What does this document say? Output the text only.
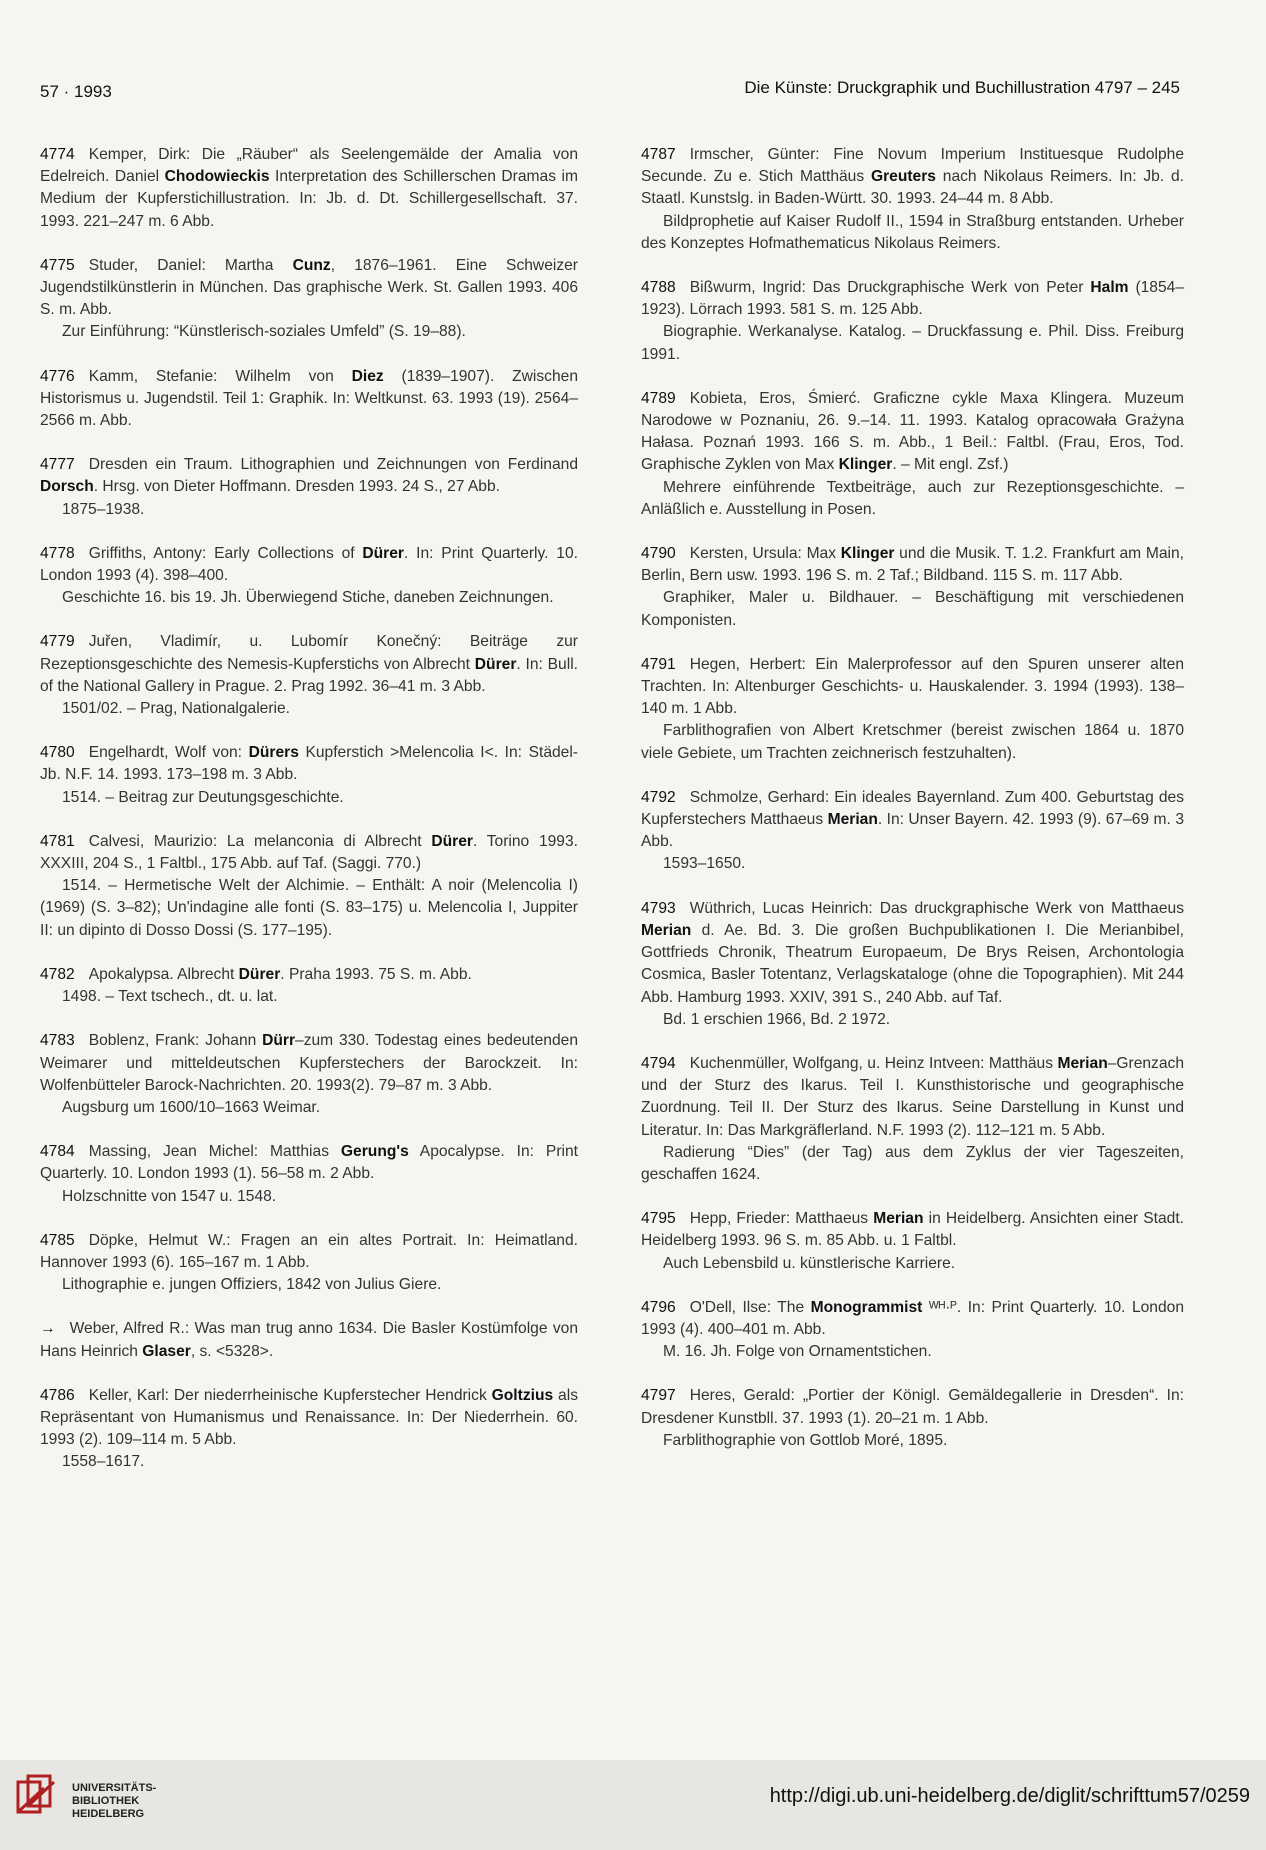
57 · 1993	Die Künste: Druckgraphik und Buchillustration 4797 – 245

4774 Kemper, Dirk: Die „Räuber“ als Seelengemälde der Amalia von Edelreich. Daniel Chodowieckis Interpretation des Schillerschen Dramas im Medium der Kupferstichillustration. In: Jb. d. Dt. Schillergesellschaft. 37. 1993. 221–247 m. 6 Abb.

4775 Studer, Daniel: Martha Cunz, 1876–1961. Eine Schweizer Jugendstilkünstlerin in München. Das graphische Werk. St. Gallen 1993. 406 S. m. Abb.

Zur Einführung: “Künstlerisch-soziales Umfeld” (S. 19–88).

4776 Kamm, Stefanie: Wilhelm von Diez (1839–1907). Zwischen Historismus u. Jugendstil. Teil 1: Graphik. In: Weltkunst. 63. 1993 (19). 2564–2566 m. Abb.

4777 Dresden ein Traum. Lithographien und Zeichnungen von Ferdinand Dorsch. Hrsg. von Dieter Hoffmann. Dresden 1993. 24 S., 27 Abb.

1875–1938.

4778 Griffiths, Antony: Early Collections of Dürer. In: Print Quarterly. 10. London 1993 (4). 398–400.

Geschichte 16. bis 19. Jh. Überwiegend Stiche, daneben Zeichnungen.

4779 Juřen, Vladimír, u. Lubomír Konečný: Beiträge zur Rezeptionsgeschichte des Nemesis-Kupferstichs von Albrecht Dürer. In: Bull. of the National Gallery in Prague. 2. Prag 1992. 36–41 m. 3 Abb.

1501/02. – Prag, Nationalgalerie.

4780 Engelhardt, Wolf von: Dürers Kupferstich >Melencolia I<. In: Städel-Jb. N.F. 14. 1993. 173–198 m. 3 Abb.

1514. – Beitrag zur Deutungsgeschichte.

4781 Calvesi, Maurizio: La melanconia di Albrecht Dürer. Torino 1993. XXXIII, 204 S., 1 Faltbl., 175 Abb. auf Taf. (Saggi. 770.)

1514. – Hermetische Welt der Alchimie. – Enthält: A noir (Melencolia I) (1969) (S. 3–82); Un'indagine alle fonti (S. 83–175) u. Melencolia I, Juppiter II: un dipinto di Dosso Dossi (S. 177–195).

4782 Apokalypsa. Albrecht Dürer. Praha 1993. 75 S. m. Abb.

1498. – Text tschech., dt. u. lat.

4783 Boblenz, Frank: Johann Dürr–zum 330. Todestag eines bedeutenden Weimarer und mitteldeutschen Kupferstechers der Barockzeit. In: Wolfenbütteler Barock-Nachrichten. 20. 1993(2). 79–87 m. 3 Abb.

Augsburg um 1600/10–1663 Weimar.

4784 Massing, Jean Michel: Matthias Gerung's Apocalypse. In: Print Quarterly. 10. London 1993 (1). 56–58 m. 2 Abb.

Holzschnitte von 1547 u. 1548.

4785 Döpke, Helmut W.: Fragen an ein altes Portrait. In: Heimatland. Hannover 1993 (6). 165–167 m. 1 Abb.

Lithographie e. jungen Offiziers, 1842 von Julius Giere.

→ Weber, Alfred R.: Was man trug anno 1634. Die Basler Kostümfolge von Hans Heinrich Glaser, s. <5328>.

4786 Keller, Karl: Der niederrheinische Kupferstecher Hendrick Goltzius als Repräsentant von Humanismus und Renaissance. In: Der Niederrhein. 60. 1993 (2). 109–114 m. 5 Abb.

1558–1617.

4787 Irmscher, Günter: Fine Novum Imperium Instituesque Rudolphe Secunde. Zu e. Stich Matthäus Greuters nach Nikolaus Reimers. In: Jb. d. Staatl. Kunstslg. in Baden-Württ. 30. 1993. 24–44 m. 8 Abb.

Bildprophetie auf Kaiser Rudolf II., 1594 in Straßburg entstanden. Urheber des Konzeptes Hofmathematicus Nikolaus Reimers.

4788 Bißwurm, Ingrid: Das Druckgraphische Werk von Peter Halm (1854–1923). Lörrach 1993. 581 S. m. 125 Abb.

Biographie. Werkanalyse. Katalog. – Druckfassung e. Phil. Diss. Freiburg 1991.

4789 Kobieta, Eros, Śmierć. Graficzne cykle Maxa Klingera. Muzeum Narodowe w Poznaniu, 26. 9.–14. 11. 1993. Katalog opracowała Grażyna Hałasa. Poznań 1993. 166 S. m. Abb., 1 Beil.: Faltbl. (Frau, Eros, Tod. Graphische Zyklen von Max Klinger. – Mit engl. Zsf.)

Mehrere einführende Textbeiträge, auch zur Rezeptionsgeschichte. – Anläßlich e. Ausstellung in Posen.

4790 Kersten, Ursula: Max Klinger und die Musik. T. 1.2. Frankfurt am Main, Berlin, Bern usw. 1993. 196 S. m. 2 Taf.; Bildband. 115 S. m. 117 Abb.

Graphiker, Maler u. Bildhauer. – Beschäftigung mit verschiedenen Komponisten.

4791 Hegen, Herbert: Ein Malerprofessor auf den Spuren unserer alten Trachten. In: Altenburger Geschichts- u. Hauskalender. 3. 1994 (1993). 138–140 m. 1 Abb.

Farblithografien von Albert Kretschmer (bereist zwischen 1864 u. 1870 viele Gebiete, um Trachten zeichnerisch festzuhalten).

4792 Schmolze, Gerhard: Ein ideales Bayernland. Zum 400. Geburtstag des Kupferstechers Matthaeus Merian. In: Unser Bayern. 42. 1993 (9). 67–69 m. 3 Abb.

1593–1650.

4793 Wüthrich, Lucas Heinrich: Das druckgraphische Werk von Matthaeus Merian d. Ae. Bd. 3. Die großen Buchpublikationen I. Die Merianbibel, Gottfrieds Chronik, Theatrum Europaeum, De Brys Reisen, Archontologia Cosmica, Basler Totentanz, Verlagskataloge (ohne die Topographien). Mit 244 Abb. Hamburg 1993. XXIV, 391 S., 240 Abb. auf Taf.

Bd. 1 erschien 1966, Bd. 2 1972.

4794 Kuchenmüller, Wolfgang, u. Heinz Intveen: Matthäus Merian–Grenzach und der Sturz des Ikarus. Teil I. Kunsthistorische und geographische Zuordnung. Teil II. Der Sturz des Ikarus. Seine Darstellung in Kunst und Literatur. In: Das Markgräflerland. N.F. 1993 (2). 112–121 m. 5 Abb.

Radierung “Dies” (der Tag) aus dem Zyklus der vier Tageszeiten, geschaffen 1624.

4795 Hepp, Frieder: Matthaeus Merian in Heidelberg. Ansichten einer Stadt. Heidelberg 1993. 96 S. m. 85 Abb. u. 1 Faltbl.

Auch Lebensbild u. künstlerische Karriere.

4796 O'Dell, Ilse: The Monogrammist ᵂᴴ·ᴾ. In: Print Quarterly. 10. London 1993 (4). 400–401 m. Abb.

M. 16. Jh. Folge von Ornamentstichen.

4797 Heres, Gerald: „Portier der Königl. Gemäldegallerie in Dresden“. In: Dresdener Kunstbll. 37. 1993 (1). 20–21 m. 1 Abb.

Farblithographie von Gottlob Moré, 1895.

UNIVERSITÄTS-
BIBLIOTHEK
HEIDELBERG
http://digi.ub.uni-heidelberg.de/diglit/schrifttum57/0259
